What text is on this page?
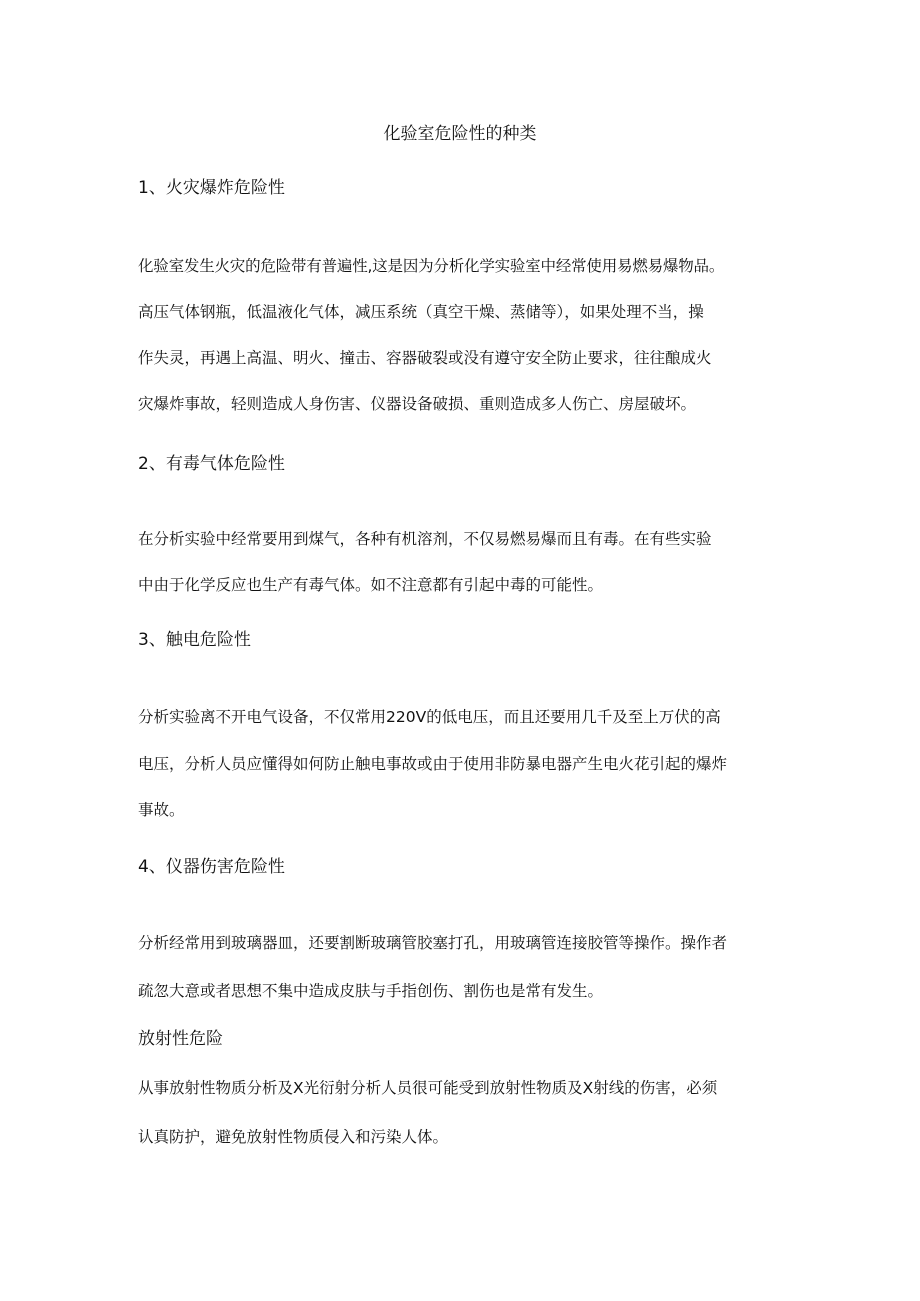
化验室危险性的种类
1、火灾爆炸危险性

化验室发生火灾的危险带有普遍性,这是因为分析化学实验室中经常使用易燃易爆物品。

高压气体钢瓶，低温液化气体，减压系统（真空干燥、蒸储等），如果处理不当，操

作失灵，再遇上高温、明火、撞击、容器破裂或没有遵守安全防止要求，往往酿成火

灾爆炸事故，轻则造成人身伤害、仪器设备破损、重则造成多人伤亡、房屋破坏。

2、有毒气体危险性

在分析实验中经常要用到煤气，各种有机溶剂，不仅易燃易爆而且有毒。在有些实验

中由于化学反应也生产有毒气体。如不注意都有引起中毒的可能性。

3、触电危险性

分析实验离不开电气设备，不仅常用220V的低电压，而且还要用几千及至上万伏的高

电压，分析人员应懂得如何防止触电事故或由于使用非防暴电器产生电火花引起的爆炸

事故。

4、仪器伤害危险性

分析经常用到玻璃器皿，还要割断玻璃管胶塞打孔，用玻璃管连接胶管等操作。操作者

疏忽大意或者思想不集中造成皮肤与手指创伤、割伤也是常有发生。

放射性危险

从事放射性物质分析及X光衍射分析人员很可能受到放射性物质及X射线的伤害，必须

认真防护，避免放射性物质侵入和污染人体。
